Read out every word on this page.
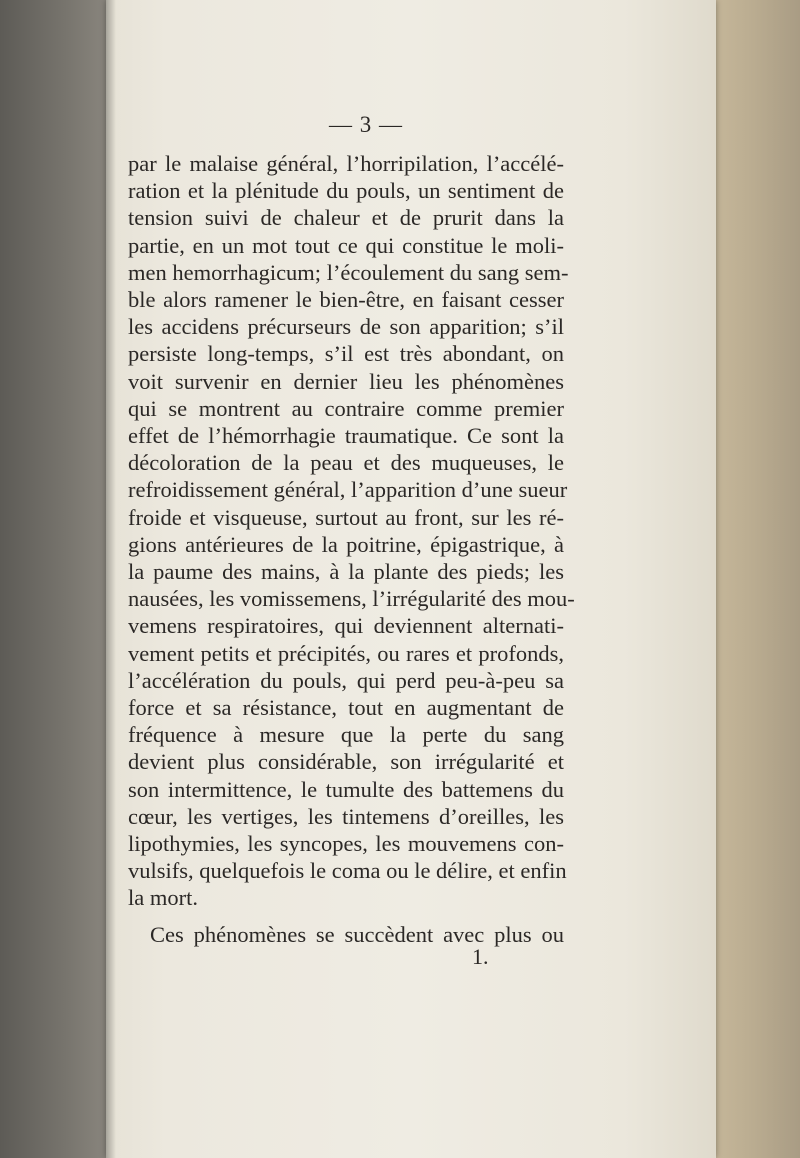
— 3 —
par le malaise général, l’horripilation, l’accélé-
ration et la plénitude du pouls, un sentiment de
tension suivi de chaleur et de prurit dans la
partie, en un mot tout ce qui constitue le moli-
men hemorrhagicum; l’écoulement du sang sem-
ble alors ramener le bien-être, en faisant cesser
les accidens précurseurs de son apparition; s’il
persiste long-temps, s’il est très abondant, on
voit survenir en dernier lieu les phénomènes
qui se montrent au contraire comme premier
effet de l’hémorrhagie traumatique. Ce sont la
décoloration de la peau et des muqueuses, le
refroidissement général, l’apparition d’une sueur
froide et visqueuse, surtout au front, sur les ré-
gions antérieures de la poitrine, épigastrique, à
la paume des mains, à la plante des pieds; les
nausées, les vomissemens, l’irrégularité des mou-
vemens respiratoires, qui deviennent alternati-
vement petits et précipités, ou rares et profonds,
l’accélération du pouls, qui perd peu-à-peu sa
force et sa résistance, tout en augmentant de
fréquence à mesure que la perte du sang
devient plus considérable, son irrégularité et
son intermittence, le tumulte des battemens du
cœur, les vertiges, les tintemens d’oreilles, les
lipothymies, les syncopes, les mouvemens con-
vulsifs, quelquefois le coma ou le délire, et enfin
la mort.
Ces phénomènes se succèdent avec plus ou
1.
